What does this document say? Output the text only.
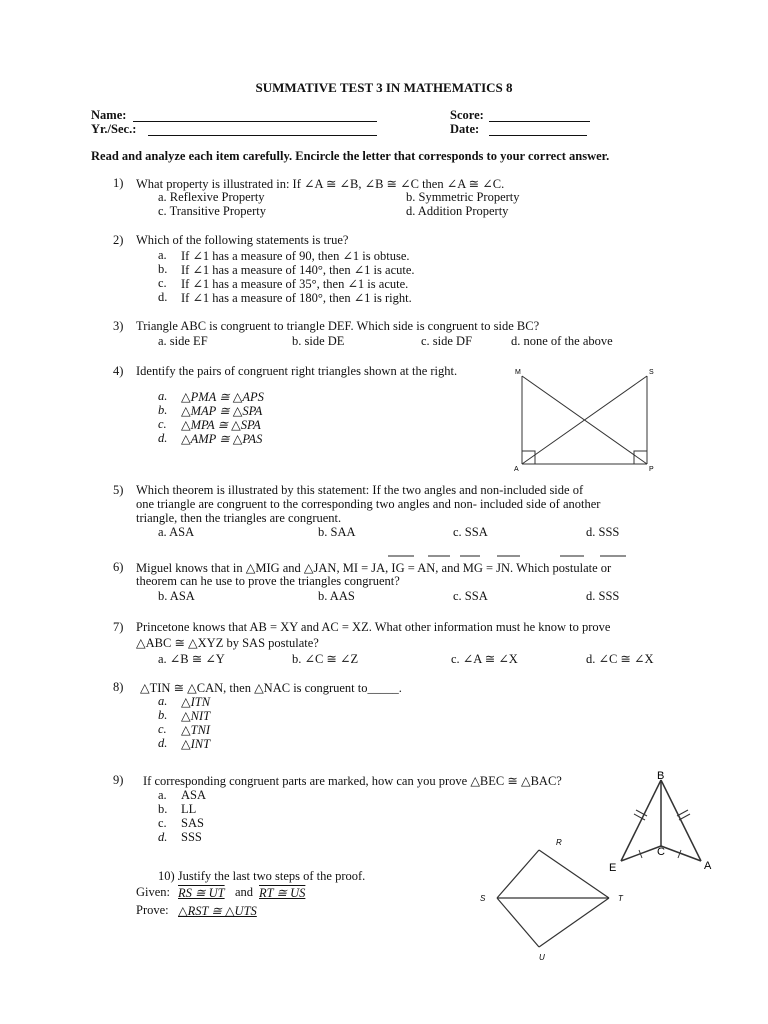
SUMMATIVE TEST 3 IN MATHEMATICS 8
Name:	Score:
Yr./Sec.:	Date:
Read and analyze each item carefully. Encircle the letter that corresponds to your correct answer.
1) What property is illustrated in: If ∠A ≅ ∠B, ∠B ≅ ∠C then ∠A ≅ ∠C.
a. Reflexive Property	b. Symmetric Property
c. Transitive Property	d. Addition Property
2) Which of the following statements is true?
a. If ∠1 has a measure of 90, then ∠1 is obtuse.
b. If ∠1 has a measure of 140°, then ∠1 is acute.
c. If ∠1 has a measure of 35°, then ∠1 is acute.
d. If ∠1 has a measure of 180°, then ∠1 is right.
3) Triangle ABC is congruent to triangle DEF. Which side is congruent to side BC?
a. side EF	b. side DE	c. side DF	d. none of the above
4) Identify the pairs of congruent right triangles shown at the right.
a. △PMA ≅ △APS
b. △MAP ≅ △SPA
c. △MPA ≅ △SPA
d. △AMP ≅ △PAS
M	S
A	P
5) Which theorem is illustrated by this statement: If the two angles and non-included side of
one triangle are congruent to the corresponding two angles and non- included side of another
triangle, then the triangles are congruent.
a. ASA	b. SAA	c. SSA	d. SSS
6) Miguel knows that in △MIG and △JAN, MI = JA, IG = AN, and MG = JN. Which postulate or
theorem can he use to prove the triangles congruent?
b. ASA	b. AAS	c. SSA	d. SSS
7) Princetone knows that AB = XY and AC = XZ. What other information must he know to prove
△ABC ≅ △XYZ by SAS postulate?
a. ∠B ≅ ∠Y	b. ∠C ≅ ∠Z	c. ∠A ≅ ∠X	d. ∠C ≅ ∠X
8) △TIN ≅ △CAN, then △NAC is congruent to_____.
a. △ITN
b. △NIT
c. △TNI
d. △INT
9) If corresponding congruent parts are marked, how can you prove △BEC ≅ △BAC?
a. ASA
b. LL
c. SAS
d. SSS
B
C
E	A
10) Justify the last two steps of the proof.
Given: RS ≅ UT and RT ≅ US
Prove: △RST ≅ △UTS
R
S	T
U
